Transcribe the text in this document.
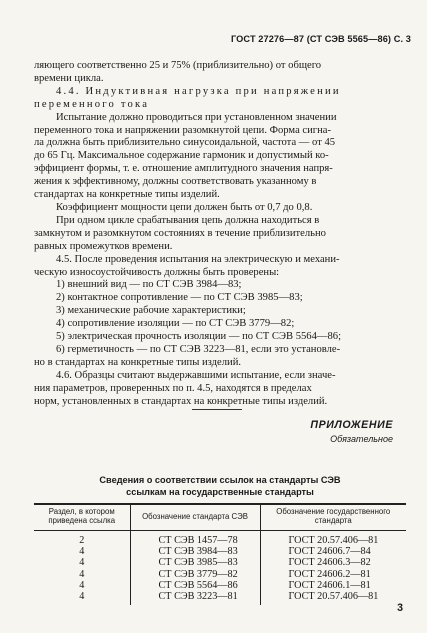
ГОСТ 27276—87 (СТ СЭВ 5565—86) С. 3

ляющего соответственно 25 и 75% (приблизительно) от общего
времени цикла.

4.4. Индуктивная нагрузка при напряжении
переменного тока

Испытание должно проводиться при установленном значении
переменного тока и напряжении разомкнутой цепи. Форма сигна-
ла должна быть приблизительно синусоидальной, частота — от 45
до 65 Гц. Максимальное содержание гармоник и допустимый ко-
эффициент формы, т. е. отношение амплитудного значения напря-
жения к эффективному, должны соответствовать указанному в
стандартах на конкретные типы изделий.

Коэффициент мощности цепи должен быть от 0,7 до 0,8.

При одном цикле срабатывания цепь должна находиться в
замкнутом и разомкнутом состояниях в течение приблизительно
равных промежутков времени.

4.5. После проведения испытания на электрическую и механи-
ческую износоустойчивость должны быть проверены:

1) внешний вид — по СТ СЭВ 3984—83;
2) контактное сопротивление — по СТ СЭВ 3985—83;
3) механические рабочие характеристики;
4) сопротивление изоляции — по СТ СЭВ 3779—82;
5) электрическая прочность изоляции — по СТ СЭВ 5564—86;
6) герметичность — по СТ СЭВ 3223—81, если это установле-
но в стандартах на конкретные типы изделий.

4.6. Образцы считают выдержавшими испытание, если значе-
ния параметров, проверенных по п. 4.5, находятся в пределах
норм, установленных в стандартах на конкретные типы изделий.

ПРИЛОЖЕНИЕ
Обязательное
Сведения о соответствии ссылок на стандарты СЭВ
ссылкам на государственные стандарты
Раздел, в котором приведена ссылка	Обозначение стандарта СЭВ	Обозначение государственного стандарта
2	СТ СЭВ 1457—78	ГОСТ 20.57.406—81
4	СТ СЭВ 3984—83	ГОСТ 24606.7—84
4	СТ СЭВ 3985—83	ГОСТ 24606.3—82
4	СТ СЭВ 3779—82	ГОСТ 24606.2—81
4	СТ СЭВ 5564—86	ГОСТ 24606.1—81
4	СТ СЭВ 3223—81	ГОСТ 20.57.406—81
3
